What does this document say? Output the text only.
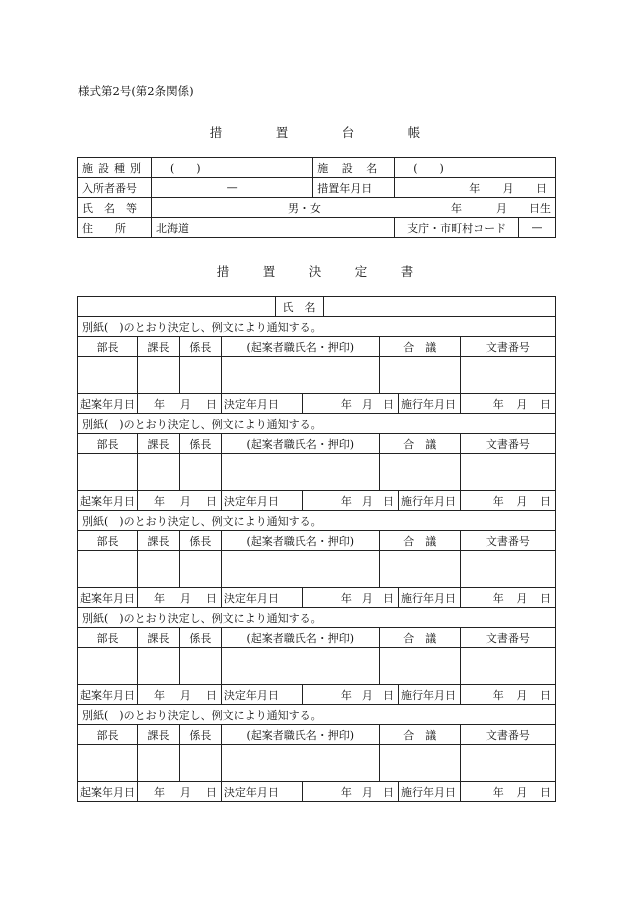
様式第2号(第2条関係)
措	置	台	帳
施設種別	(　　)	施 設 名	(　　)	
入所者番号	—	措置年月日	年 月 日	

氏　名　等	男・女 年 月 日生			

住　　所	北海道		支庁・市町村コード	—
措	置	決	定	書
	氏　名	
別紙(　)のとおり決定し、例文により通知する。							
部長	課長	係長	(起案者職氏名・押印)		合　議		文書番号

起案年月日	年 月 日		決定年月日	年 月 日		施行年月日	年 月 日
別紙(　)のとおり決定し、例文により通知する。							
部長	課長	係長	(起案者職氏名・押印)		合　議		文書番号

起案年月日	年 月 日		決定年月日	年 月 日		施行年月日	年 月 日
別紙(　)のとおり決定し、例文により通知する。							
部長	課長	係長	(起案者職氏名・押印)		合　議		文書番号

起案年月日	年 月 日		決定年月日	年 月 日		施行年月日	年 月 日
別紙(　)のとおり決定し、例文により通知する。							
部長	課長	係長	(起案者職氏名・押印)		合　議		文書番号

起案年月日	年 月 日		決定年月日	年 月 日		施行年月日	年 月 日
別紙(　)のとおり決定し、例文により通知する。							
部長	課長	係長	(起案者職氏名・押印)		合　議		文書番号

起案年月日	年 月 日		決定年月日	年 月 日		施行年月日	年 月 日
